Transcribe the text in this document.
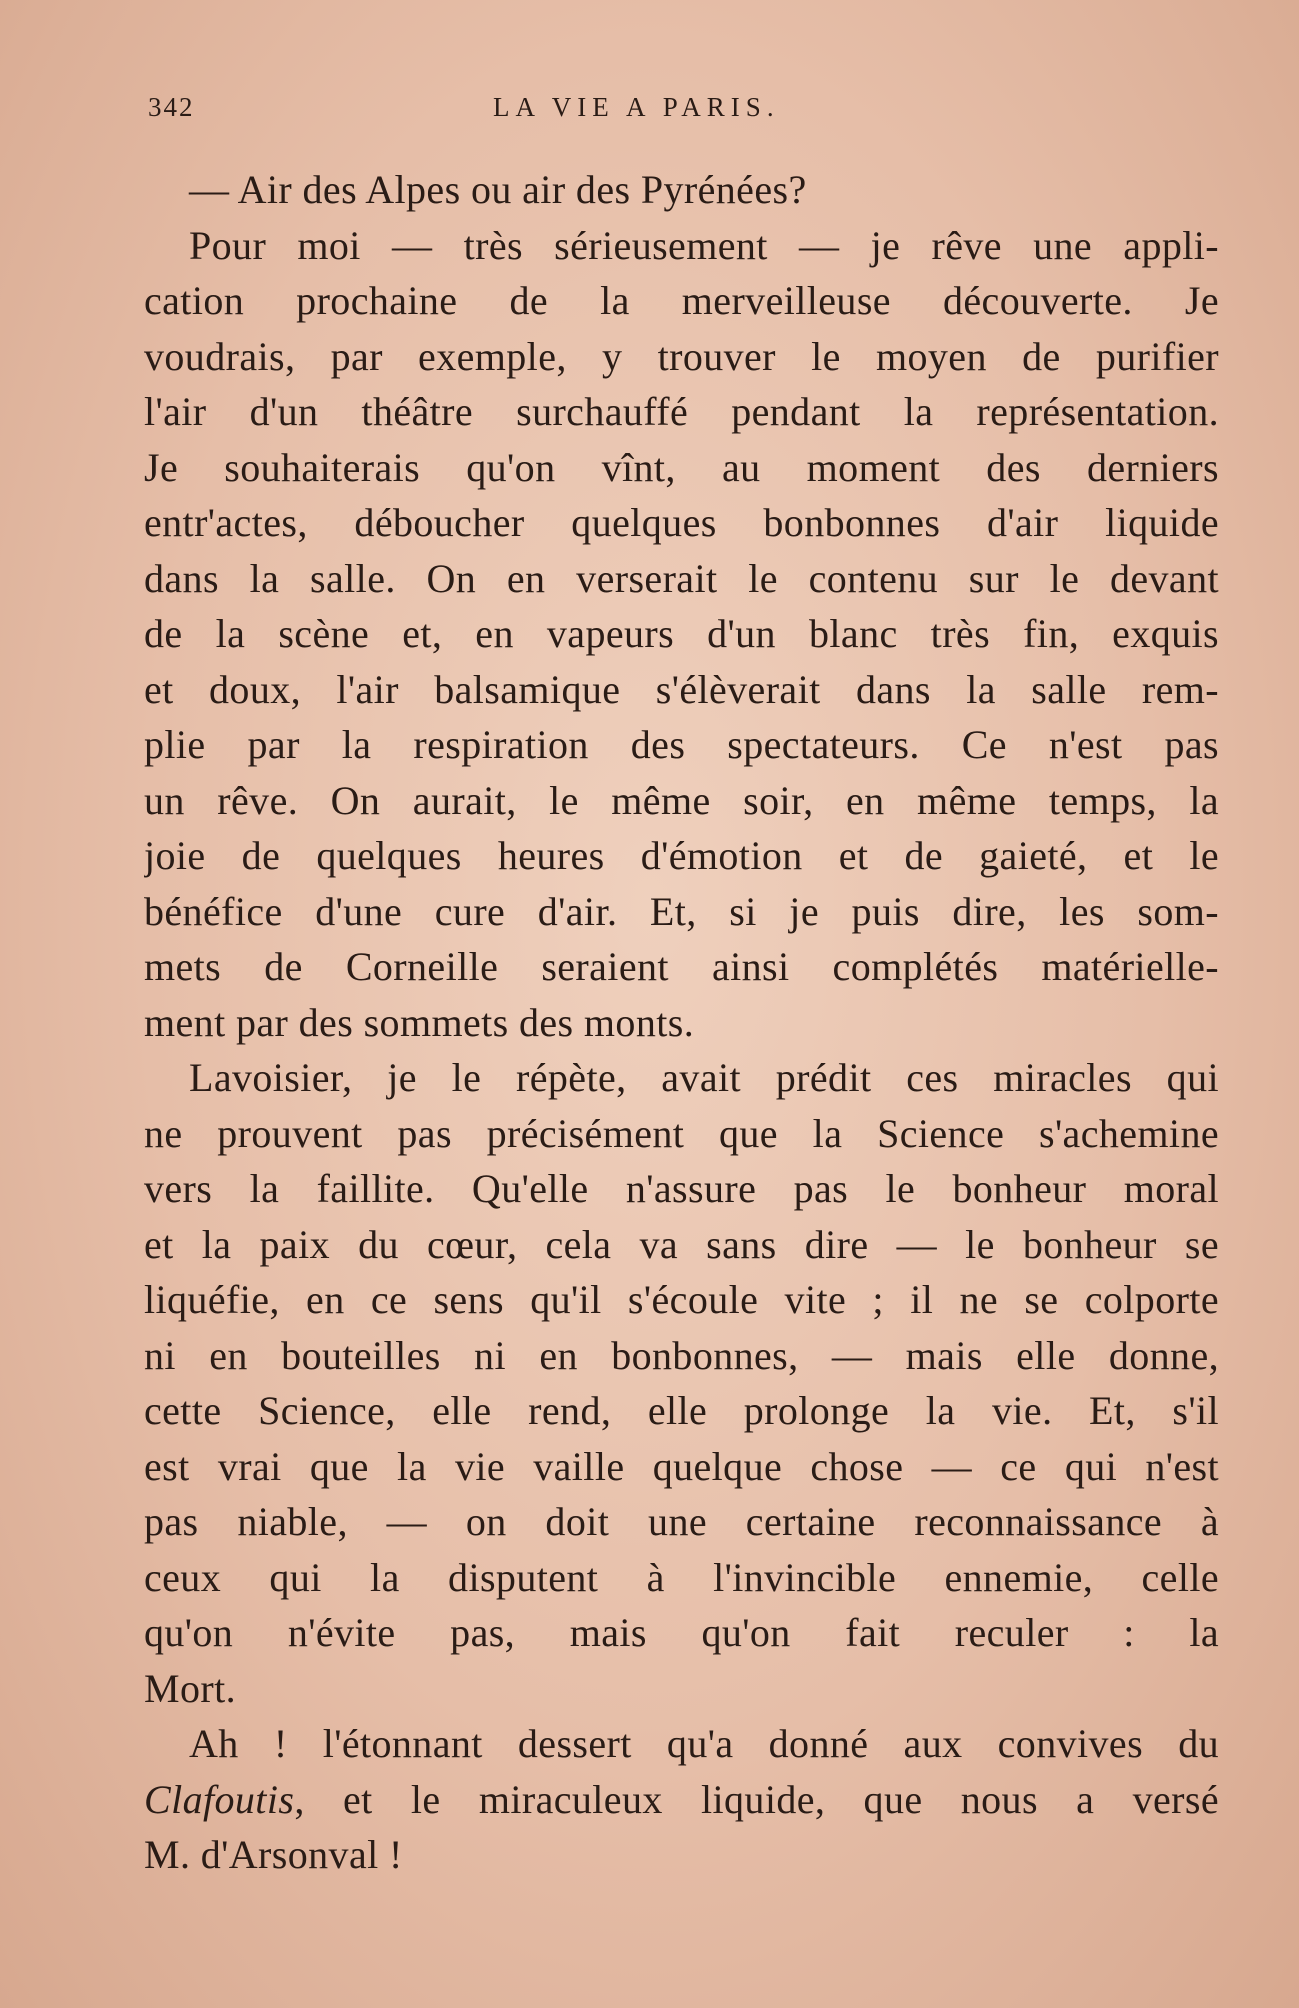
342	LA VIE A PARIS.
— Air des Alpes ou air des Pyrénées?
Pour moi — très sérieusement — je rêve une appli-
cation prochaine de la merveilleuse découverte. Je
voudrais, par exemple, y trouver le moyen de purifier
l'air d'un théâtre surchauffé pendant la représentation.
Je souhaiterais qu'on vînt, au moment des derniers
entr'actes, déboucher quelques bonbonnes d'air liquide
dans la salle. On en verserait le contenu sur le devant
de la scène et, en vapeurs d'un blanc très fin, exquis
et doux, l'air balsamique s'élèverait dans la salle rem-
plie par la respiration des spectateurs. Ce n'est pas
un rêve. On aurait, le même soir, en même temps, la
joie de quelques heures d'émotion et de gaieté, et le
bénéfice d'une cure d'air. Et, si je puis dire, les som-
mets de Corneille seraient ainsi complétés matérielle-
ment par des sommets des monts.
Lavoisier, je le répète, avait prédit ces miracles qui
ne prouvent pas précisément que la Science s'achemine
vers la faillite. Qu'elle n'assure pas le bonheur moral
et la paix du cœur, cela va sans dire — le bonheur se
liquéfie, en ce sens qu'il s'écoule vite ; il ne se colporte
ni en bouteilles ni en bonbonnes, — mais elle donne,
cette Science, elle rend, elle prolonge la vie. Et, s'il
est vrai que la vie vaille quelque chose — ce qui n'est
pas niable, — on doit une certaine reconnaissance à
ceux qui la disputent à l'invincible ennemie, celle
qu'on n'évite pas, mais qu'on fait reculer : la
Mort.
Ah ! l'étonnant dessert qu'a donné aux convives du
Clafoutis, et le miraculeux liquide, que nous a versé
M. d'Arsonval !
